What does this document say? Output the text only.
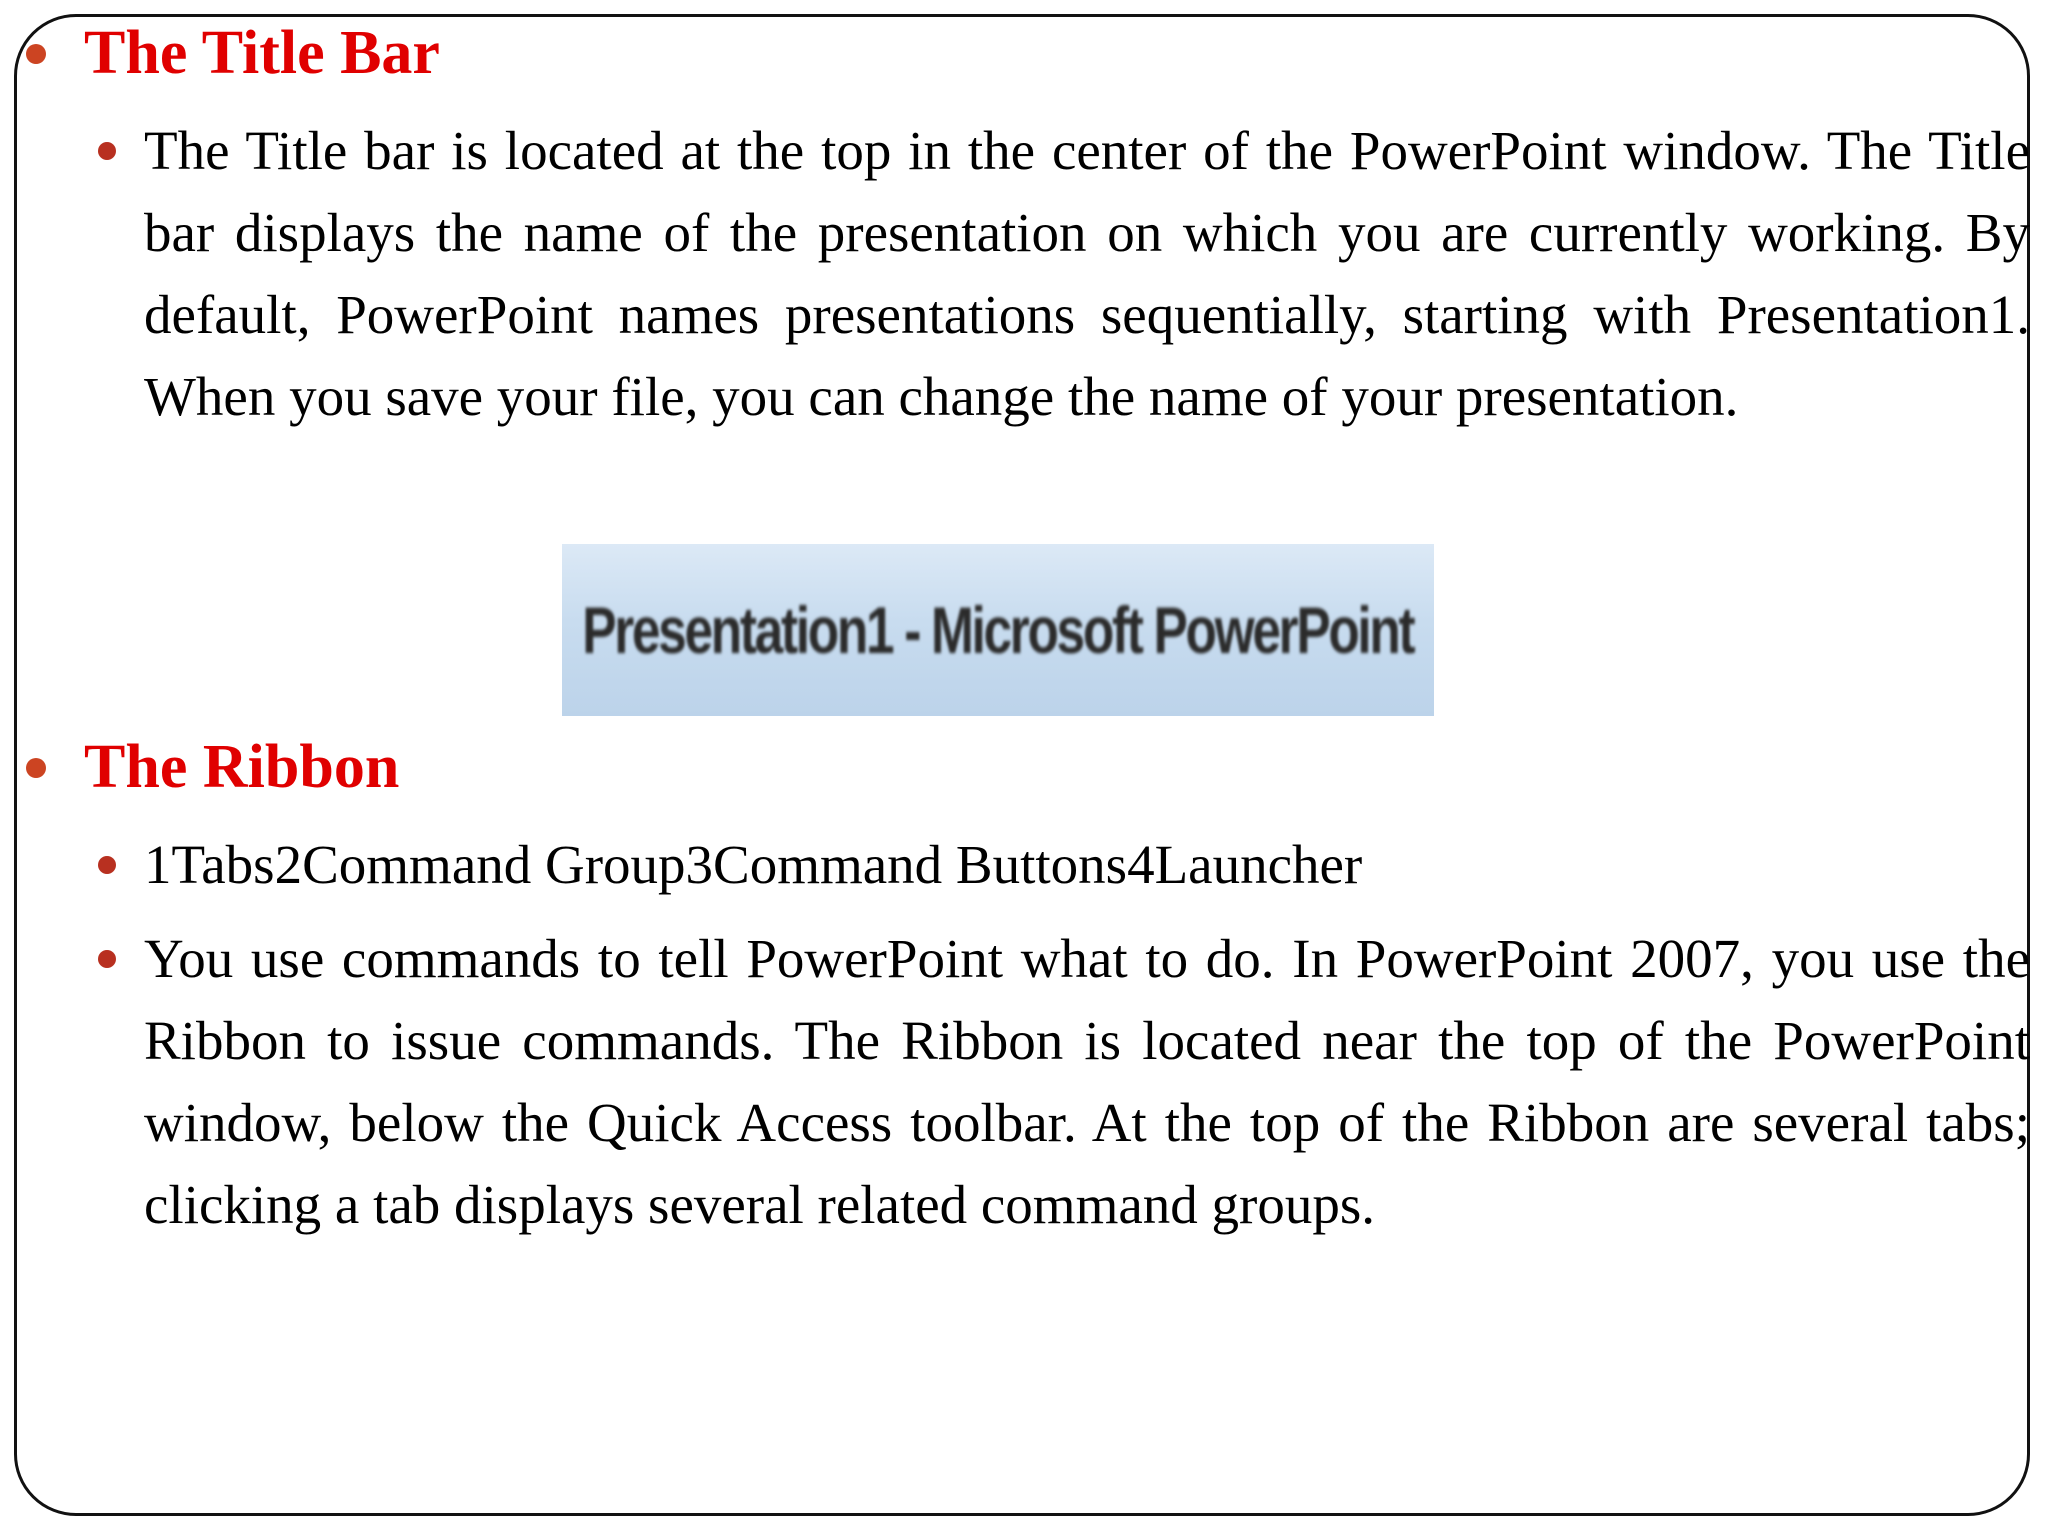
The Title Bar

The Title bar is located at the top in the center of the PowerPoint window. The Title bar displays the name of the presentation on which you are currently working. By default, PowerPoint names presentations sequentially, starting with Presentation1. When you save your file, you can change the name of your presentation.

Presentation1 - Microsoft PowerPoint
The Ribbon

1Tabs2Command Group3Command Buttons4Launcher

You use commands to tell PowerPoint what to do. In PowerPoint 2007, you use the Ribbon to issue commands. The Ribbon is located near the top of the PowerPoint window, below the Quick Access toolbar. At the top of the Ribbon are several tabs; clicking a tab displays several related command groups.
